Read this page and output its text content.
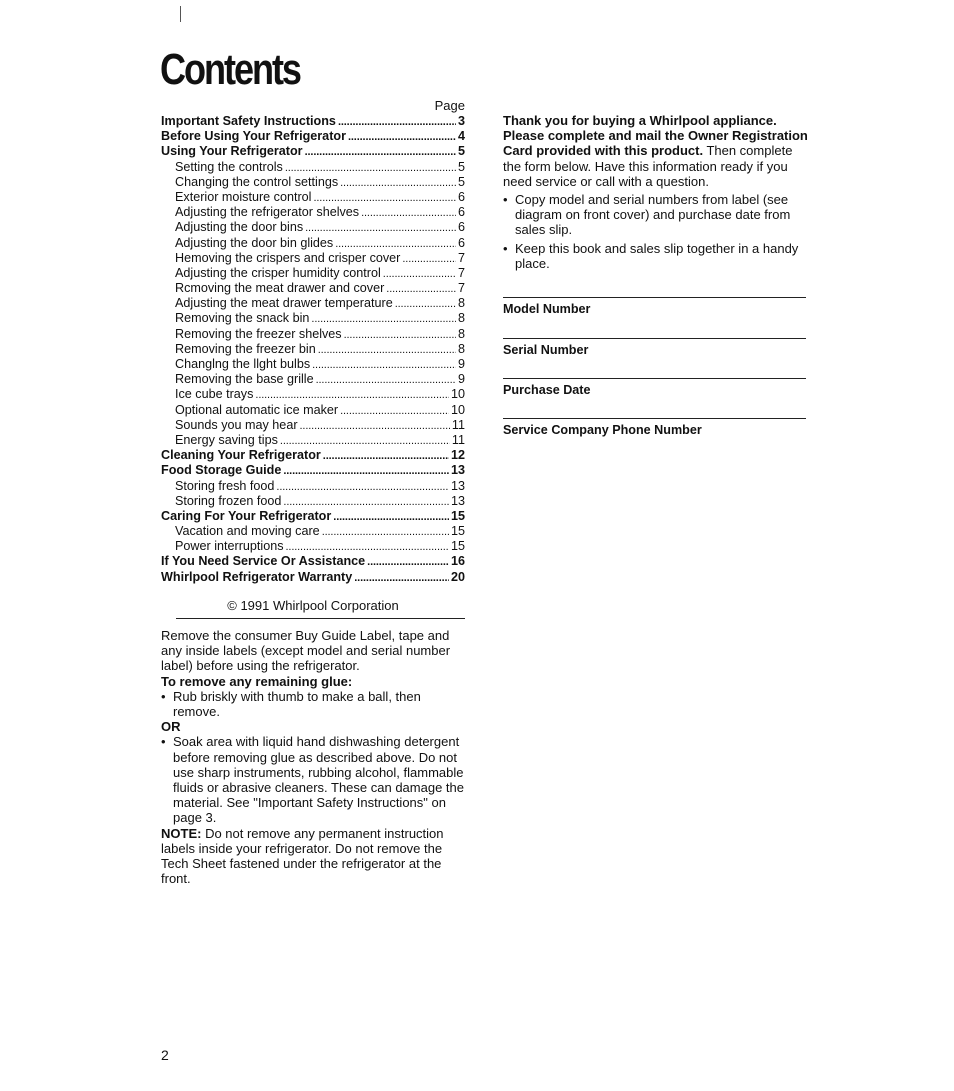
Contents
Page
Important Safety Instructions . . .	3
Before Using Your Refrigerator . . .	4
Using Your Refrigerator . . .	5
Setting the controls . . .	5
Changing the control settings . . .	5
Exterior moisture control . . .	6
Adjusting the refrigerator shelves . . .	6
Adjusting the door bins . . .	6
Adjusting the door bin glides . . .	6
Hemoving the crispers and crisper cover . . .	7
Adjusting the crisper humidity control . . .	7
Rcmoving the meat drawer and cover . . .	7
Adjusting the meat drawer temperature . . .	8
Removing the snack bin . . .	8
Removing the freezer shelves . . .	8
Removing the freezer bin . . .	8
Changlng the llght bulbs . . .	9
Removing the base grille . . .	9
Ice cube trays . . .	10
Optional automatic ice maker . . .	10
Sounds you may hear . . .	11
Energy saving tips . . .	11
Cleaning Your Refrigerator . . .	12
Food Storage Guide . . .	13
Storing fresh food . . .	13
Storing frozen food . . .	13
Caring For Your Refrigerator . . .	15
Vacation and moving care . . .	15
Power interruptions . . .	15
If You Need Service Or Assistance . . .	16
Whirlpool Refrigerator Warranty . . .	20
© 1991 Whirlpool Corporation

Remove the consumer Buy Guide Label, tape and any inside labels (except model and serial number label) before using the refrigerator.

To remove any remaining glue:

• Rub briskly with thumb to make a ball, then remove.

OR

• Soak area with liquid hand dishwashing detergent before removing glue as described above. Do not use sharp instruments, rubbing alcohol, flammable fluids or abrasive cleaners. These can damage the material. See "Important Safety Instructions" on page 3.

NOTE: Do not remove any permanent instruction labels inside your refrigerator. Do not remove the Tech Sheet fastened under the refrigerator at the front.

Thank you for buying a Whirlpool appliance. Please complete and mail the Owner Registration Card provided with this product. Then complete the form below. Have this information ready if you need service or call with a question.

• Copy model and serial numbers from label (see diagram on front cover) and purchase date from sales slip.
• Keep this book and sales slip together in a handy place.
Model Number
Serial Number
Purchase Date
Service Company Phone Number
2
